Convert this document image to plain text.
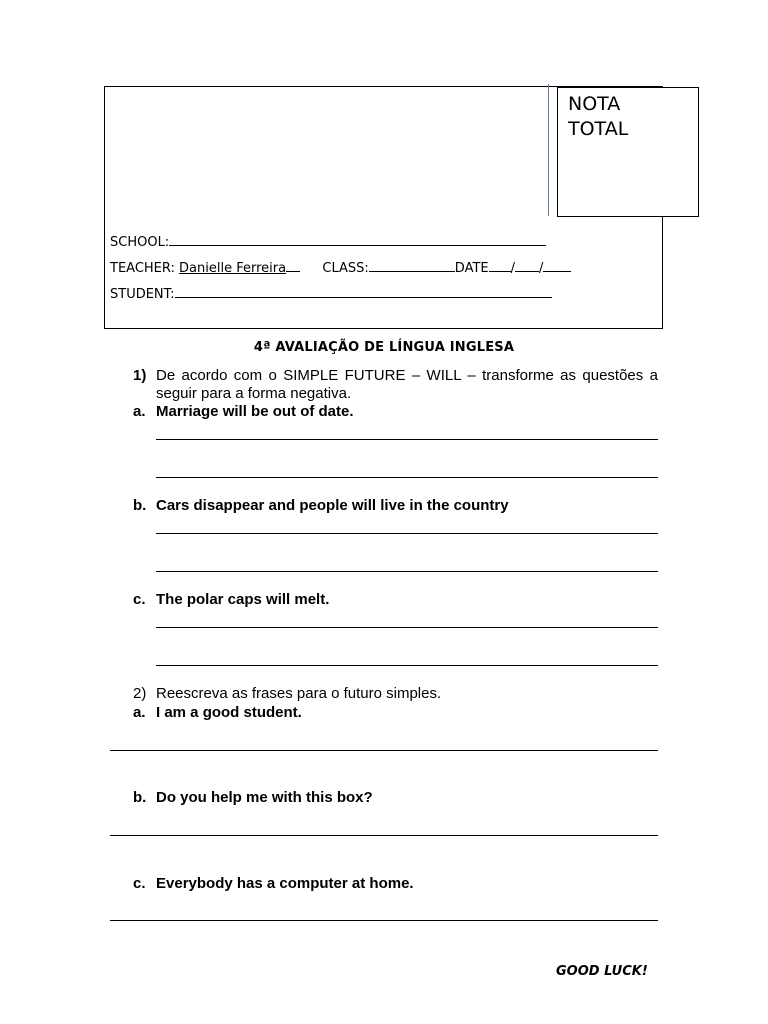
NOTA
TOTAL
SCHOOL:
TEACHER: Danielle Ferreira	CLASS:	DATE / /
STUDENT:
4ª AVALIAÇÃO DE LÍNGUA INGLESA
1) De acordo com o SIMPLE FUTURE – WILL – transforme as questões a
seguir para a forma negativa.
a. Marriage will be out of date.
b. Cars disappear and people will live in the country
c. The polar caps will melt.
2) Reescreva as frases para o futuro simples.
a. I am a good student.
b. Do you help me with this box?
c. Everybody has a computer at home.
GOOD LUCK!
